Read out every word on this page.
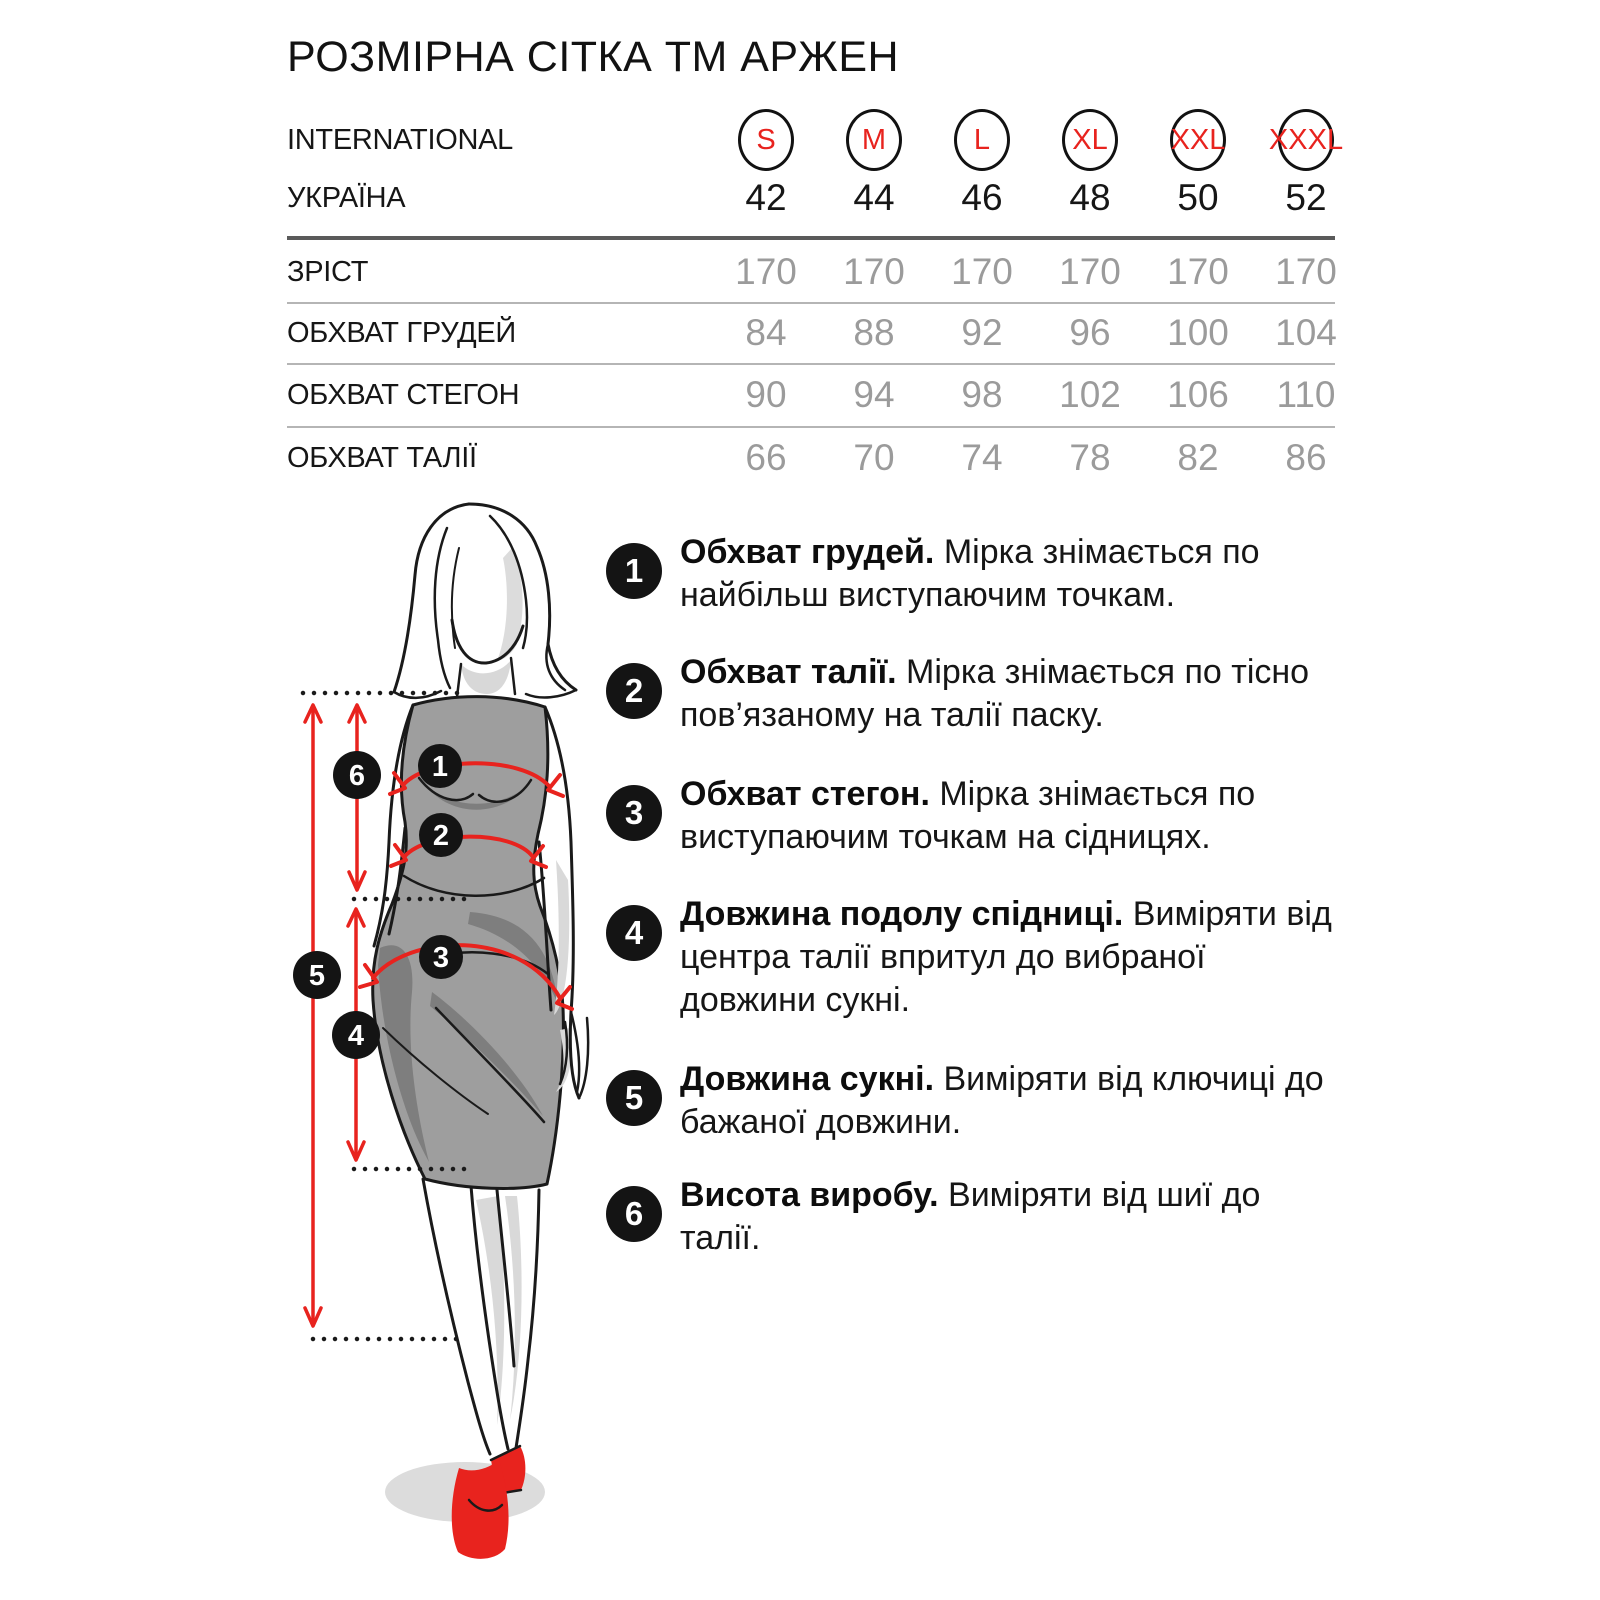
РОЗМІРНА СІТКА ТМ АРЖЕН
INTERNATIONAL	S	M	L	XL XXL XXXL
УКРАЇНА	42 44 46 48 50 52
ЗРІСТ	170 170 170 170 170 170
ОБХВАТ ГРУДЕЙ	84 88 92 96 100 104
ОБХВАТ СТЕГОН	90 94 98 102 106 110
ОБХВАТ ТАЛІЇ	66 70 74 78 82 86
1
2
3
4
5
6
1 Обхват грудей. Мірка знімається по найбільш виступаючим точкам.

2 Обхват талії. Мірка знімається по тісно пов’язаному на талії паску.

3 Обхват стегон. Мірка знімається по виступаючим точкам на сідницях.

4 Довжина подолу спідниці. Виміряти від центра талії впритул до вибраної довжини сукні.

5 Довжина сукні. Виміряти від ключиці до бажаної довжини.

6 Висота виробу. Виміряти від шиї до талії.
